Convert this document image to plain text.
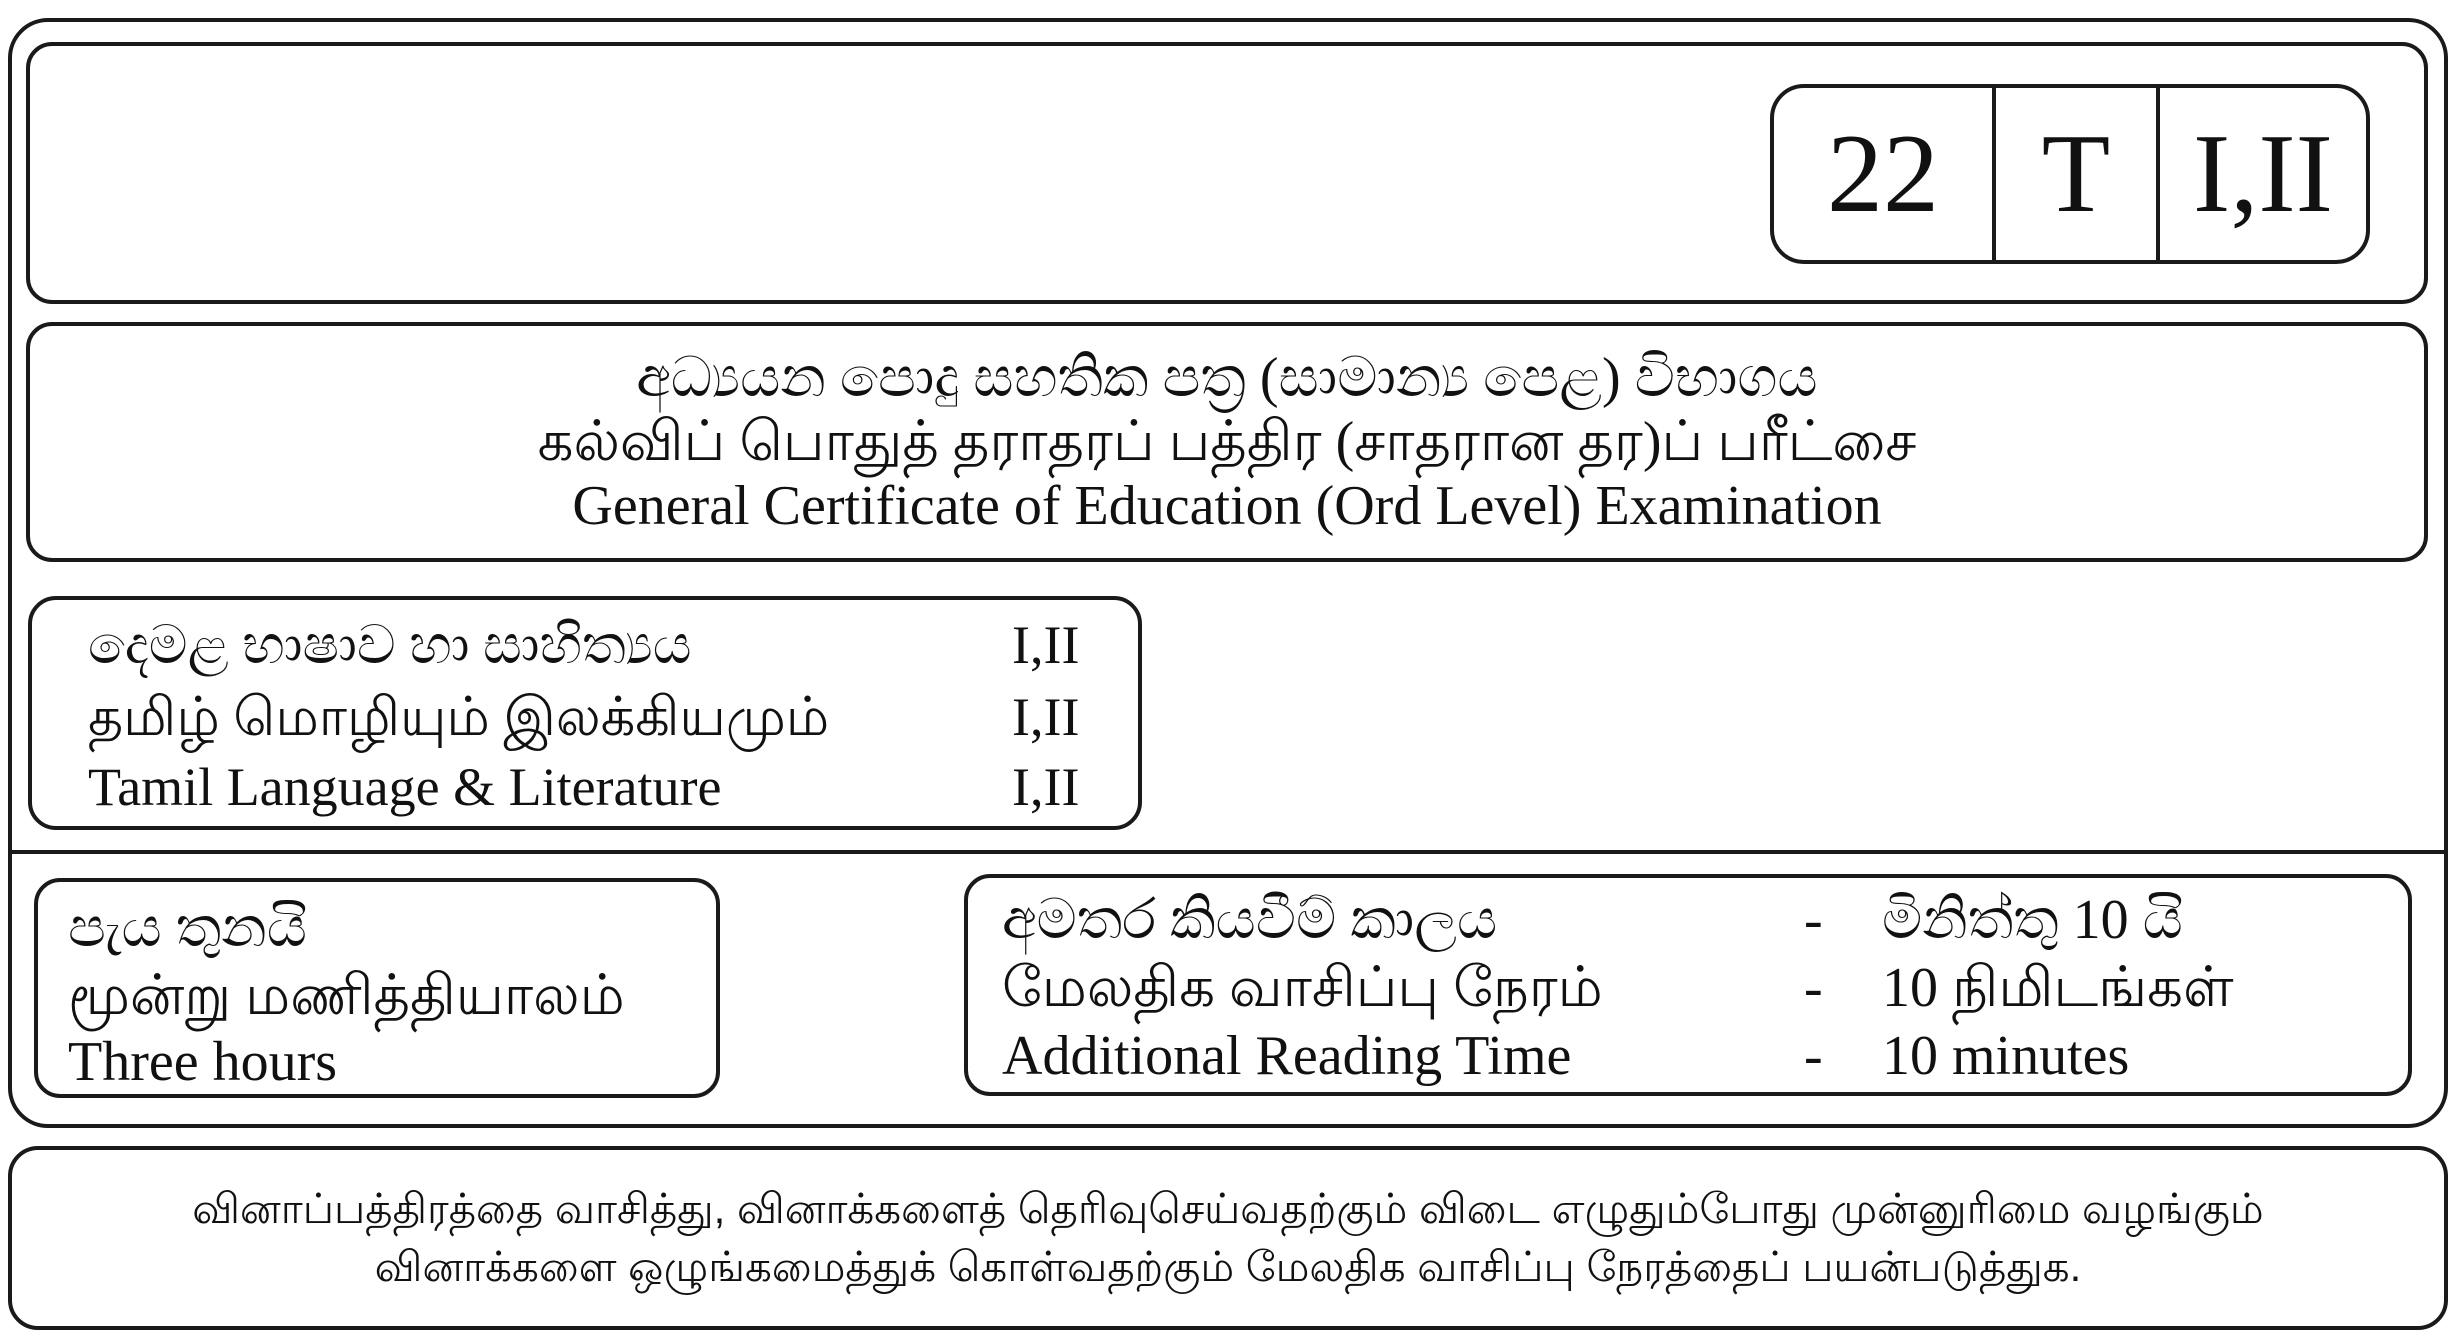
22 T I,II
අධ්‍යයන පොදු සහතික පත්‍ර (සාමාන්‍ය පෙළ) විභාගය
கல்விப் பொதுத் தராதரப் பத்திர (சாதரான தர)ப் பரீட்சை
General Certificate of Education (Ord Level) Examination
දෙමළ භාෂාව හා සාහිත්‍යය	I,II
தமிழ் மொழியும் இலக்கியமும்	I,II
Tamil Language & Literature	I,II
පැය තුනයි
மூன்று மணித்தியாலம்
Three hours
අමතර කියවීම් කාලය	- මිනිත්තු 10 යි
மேலதிக வாசிப்பு நேரம்	- 10 நிமிடங்கள்
Additional Reading Time	- 10 minutes
வினாப்பத்திரத்தை வாசித்து, வினாக்களைத் தெரிவுசெய்வதற்கும் விடை எழுதும்போது முன்னுரிமை வழங்கும்
வினாக்களை ஒழுங்கமைத்துக் கொள்வதற்கும் மேலதிக வாசிப்பு நேரத்தைப் பயன்படுத்துக.
